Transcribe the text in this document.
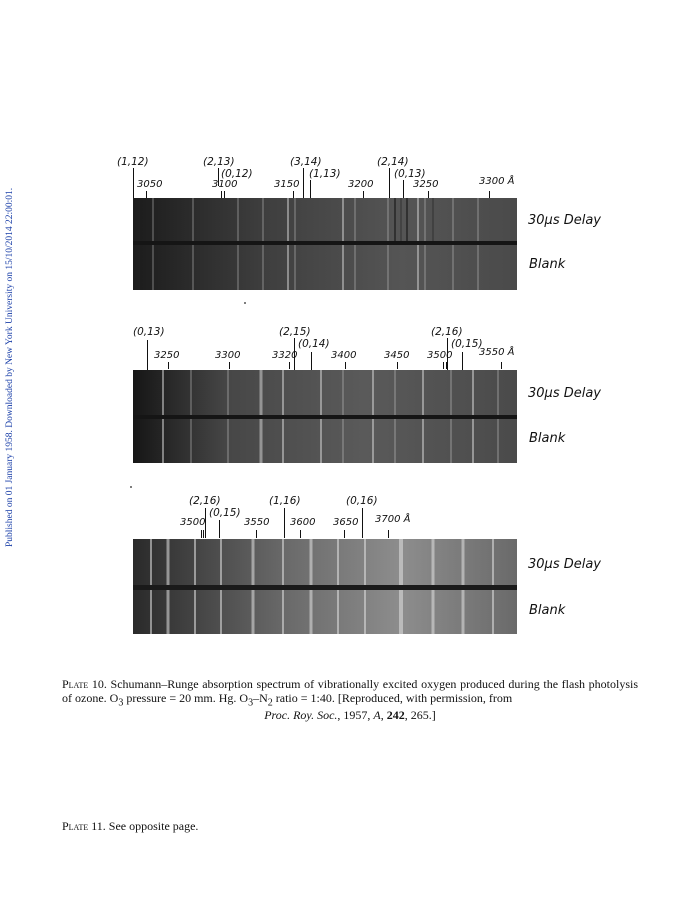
Published on 01 January 1958. Downloaded by New York University on 15/10/2014 22:00:01.
(1,12)	(2,13)
(0,12)
(3,14)
(1,13)
(2,14)
(0,13)
3050	3100	3150	3200	3250	3300 Å
30µs Delay
Blank
(0,13)	(2,15)
(0,14)
(2,16)
(0,15)
3250	3300	3320	3400	3450 3500	3550 Å
30µs Delay
Blank
(2,16)
(0,15)
(1,16)	(0,16)
3500	3550 3600 3650 3700 Å
30µs Delay
Blank
Plate 10. Schumann–Runge absorption spectrum of vibrationally excited oxygen produced during the flash photolysis of ozone. $O_3$ pressure = 20 mm. Hg. $O_3-N_2$ ratio = 1:40. [Reproduced, with permission, from
Proc. Roy. Soc., 1957, A, 242, 265.]
Plate 11. See opposite page.
